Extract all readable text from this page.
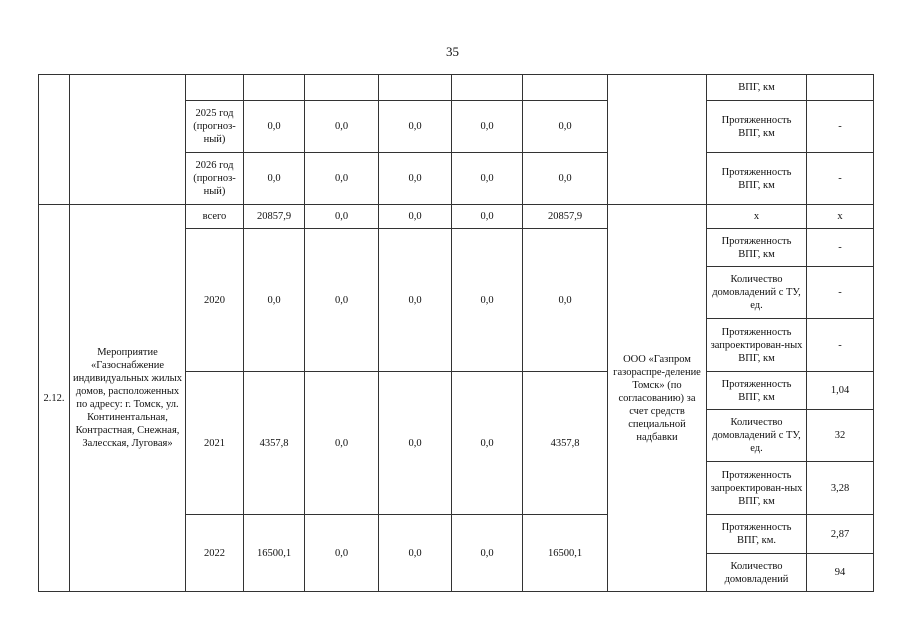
35
									ВПГ, км	
		2025 год (прогноз-ный)	0,0	0,0	0,0	0,0	0,0		Протяженность ВПГ, км	-
		2026 год (прогноз-ный)	0,0	0,0	0,0	0,0	0,0		Протяженность ВПГ, км	-
2.12.	Мероприятие «Газоснабжение индивидуальных жилых домов, расположенных по адресу: г. Томск, ул. Континентальная, Контрастная, Снежная, Залесская, Луговая»	всего	20857,9	0,0	0,0	0,0	20857,9	ООО «Газпром газораспре-деление Томск» (по согласованию) за счет средств специальной надбавки	x	x
		2020	0,0	0,0	0,0	0,0	0,0		Протяженность ВПГ, км	-
									Количество домовладений с ТУ, ед.	-
									Протяженность запроектирован-ных ВПГ, км	-
		2021	4357,8	0,0	0,0	0,0	4357,8		Протяженность ВПГ, км	1,04
									Количество домовладений с ТУ, ед.	32
									Протяженность запроектирован-ных ВПГ, км	3,28
		2022	16500,1	0,0	0,0	0,0	16500,1		Протяженность ВПГ, км.	2,87
									Количество домовладений	94
